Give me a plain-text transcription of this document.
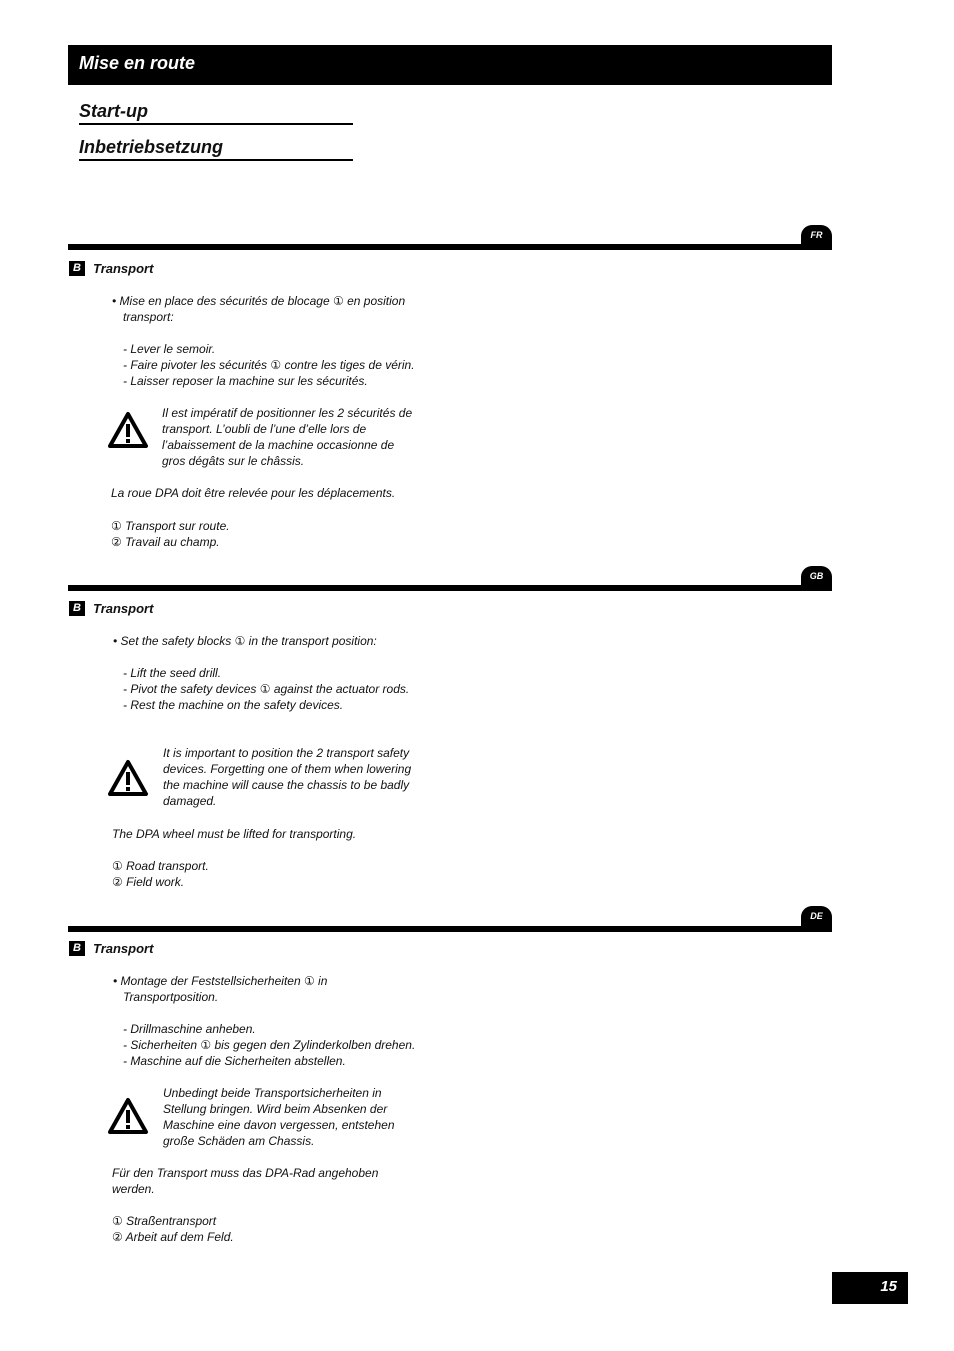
Mise en route
Start-up
Inbetriebsetzung
FR
B Transport
• Mise en place des sécurités de blocage ① en position
transport:
- Lever le semoir.
- Faire pivoter les sécurités ① contre les tiges de vérin.
- Laisser reposer la machine sur les sécurités.
Il est impératif de positionner les 2 sécurités de
transport. L’oubli de l’une d’elle lors de
l’abaissement de la machine occasionne de
gros dégâts sur le châssis.
La roue DPA doit être relevée pour les déplacements.
① Transport sur route.
② Travail au champ.
GB
B Transport
• Set the safety blocks ① in the transport position:
- Lift the seed drill.
- Pivot the safety devices ① against the actuator rods.
- Rest the machine on the safety devices.
It is important to position the 2 transport safety
devices. Forgetting one of them when lowering
the machine will cause the chassis to be badly
damaged.
The DPA wheel must be lifted for transporting.
① Road transport.
② Field work.
DE
B Transport
• Montage der Feststellsicherheiten ① in
Transportposition.
- Drillmaschine anheben.
- Sicherheiten ① bis gegen den Zylinderkolben drehen.
- Maschine auf die Sicherheiten abstellen.
Unbedingt beide Transportsicherheiten in
Stellung bringen. Wird beim Absenken der
Maschine eine davon vergessen, entstehen
große Schäden am Chassis.
Für den Transport muss das DPA-Rad angehoben
werden.
① Straßentransport
② Arbeit auf dem Feld.
15
